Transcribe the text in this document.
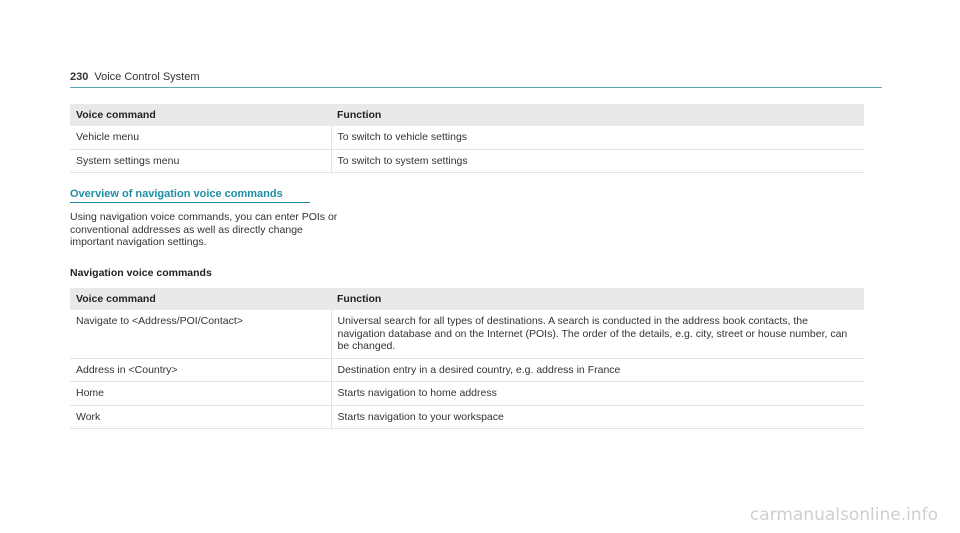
230 Voice Control System
Voice command	Function
Vehicle menu	To switch to vehicle settings
System settings menu	To switch to system settings
Overview of navigation voice commands

Using navigation voice commands, you can enter POIs or conventional addresses as well as directly change important navigation settings.

Navigation voice commands
Voice command	Function
Navigate to <Address/POI/Contact>	Universal search for all types of destinations. A search is conducted in the address book contacts, the navigation database and on the Internet (POIs). The order of the details, e.g. city, street or house number, can be changed.
Address in <Country>	Destination entry in a desired country, e.g. address in France
Home	Starts navigation to home address
Work	Starts navigation to your workspace
carmanualsonline.info
